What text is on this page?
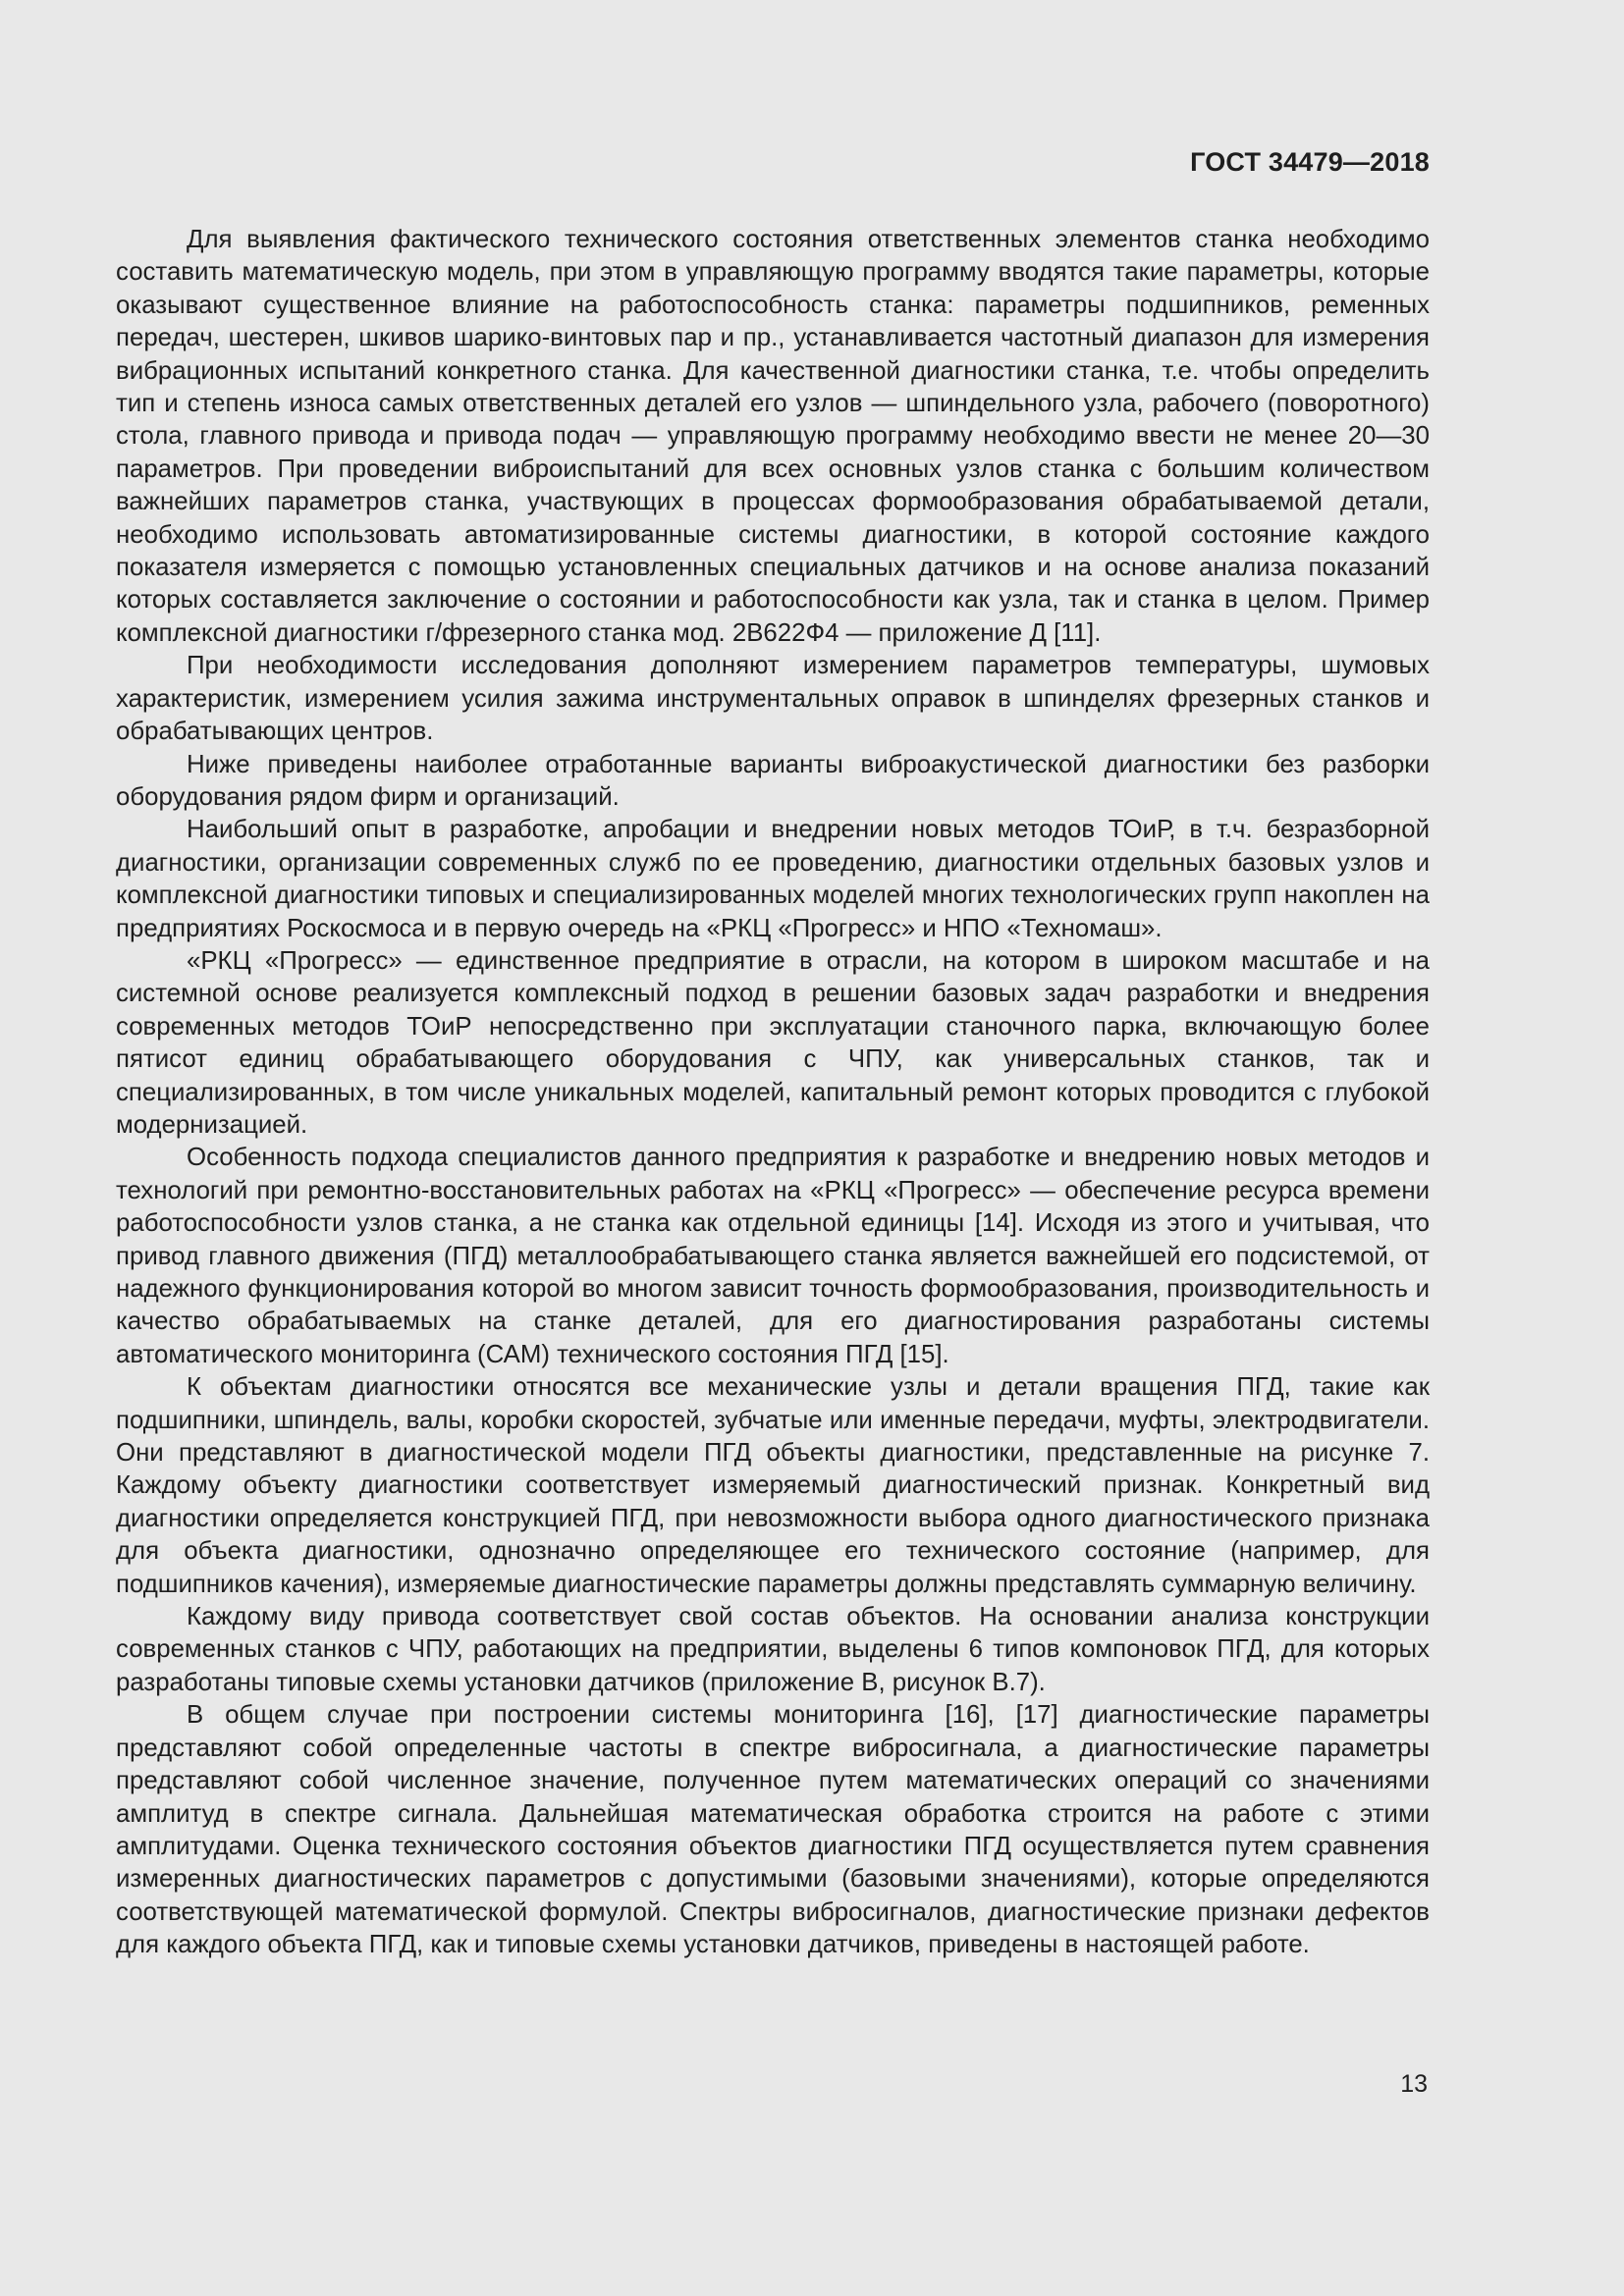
ГОСТ 34479—2018

Для выявления фактического технического состояния ответственных элементов станка необходимо составить математическую модель, при этом в управляющую программу вводятся такие параметры, которые оказывают существенное влияние на работоспособность станка: параметры подшипников, ременных передач, шестерен, шкивов шарико-винтовых пар и пр., устанавливается частотный диапазон для измерения вибрационных испытаний конкретного станка. Для качественной диагностики станка, т.е. чтобы определить тип и степень износа самых ответственных деталей его узлов — шпиндельного узла, рабочего (поворотного) стола, главного привода и привода подач — управляющую программу необходимо ввести не менее 20—30 параметров. При проведении виброиспытаний для всех основных узлов станка с большим количеством важнейших параметров станка, участвующих в процессах формообразования обрабатываемой детали, необходимо использовать автоматизированные системы диагностики, в которой состояние каждого показателя измеряется с помощью установленных специальных датчиков и на основе анализа показаний которых составляется заключение о состоянии и работоспособности как узла, так и станка в целом. Пример комплексной диагностики г/фрезерного станка мод. 2В622Ф4 — приложение Д [11].

При необходимости исследования дополняют измерением параметров температуры, шумовых характеристик, измерением усилия зажима инструментальных оправок в шпинделях фрезерных станков и обрабатывающих центров.

Ниже приведены наиболее отработанные варианты виброакустической диагностики без разборки оборудования рядом фирм и организаций.

Наибольший опыт в разработке, апробации и внедрении новых методов ТОиР, в т.ч. безразборной диагностики, организации современных служб по ее проведению, диагностики отдельных базовых узлов и комплексной диагностики типовых и специализированных моделей многих технологических групп накоплен на предприятиях Роскосмоса и в первую очередь на «РКЦ «Прогресс» и НПО «Техномаш».

«РКЦ «Прогресс» — единственное предприятие в отрасли, на котором в широком масштабе и на системной основе реализуется комплексный подход в решении базовых задач разработки и внедрения современных методов ТОиР непосредственно при эксплуатации станочного парка, включающую более пятисот единиц обрабатывающего оборудования с ЧПУ, как универсальных станков, так и специализированных, в том числе уникальных моделей, капитальный ремонт которых проводится с глубокой модернизацией.

Особенность подхода специалистов данного предприятия к разработке и внедрению новых методов и технологий при ремонтно-восстановительных работах на «РКЦ «Прогресс» — обеспечение ресурса времени работоспособности узлов станка, а не станка как отдельной единицы [14]. Исходя из этого и учитывая, что привод главного движения (ПГД) металлообрабатывающего станка является важнейшей его подсистемой, от надежного функционирования которой во многом зависит точность формообразования, производительность и качество обрабатываемых на станке деталей, для его диагностирования разработаны системы автоматического мониторинга (САМ) технического состояния ПГД [15].

К объектам диагностики относятся все механические узлы и детали вращения ПГД, такие как подшипники, шпиндель, валы, коробки скоростей, зубчатые или именные передачи, муфты, электродвигатели. Они представляют в диагностической модели ПГД объекты диагностики, представленные на рисунке 7. Каждому объекту диагностики соответствует измеряемый диагностический признак. Конкретный вид диагностики определяется конструкцией ПГД, при невозможности выбора одного диагностического признака для объекта диагностики, однозначно определяющее его технического состояние (например, для подшипников качения), измеряемые диагностические параметры должны представлять суммарную величину.

Каждому виду привода соответствует свой состав объектов. На основании анализа конструкции современных станков с ЧПУ, работающих на предприятии, выделены 6 типов компоновок ПГД, для которых разработаны типовые схемы установки датчиков (приложение В, рисунок В.7).

В общем случае при построении системы мониторинга [16], [17] диагностические параметры представляют собой определенные частоты в спектре вибросигнала, а диагностические параметры представляют собой численное значение, полученное путем математических операций со значениями амплитуд в спектре сигнала. Дальнейшая математическая обработка строится на работе с этими амплитудами. Оценка технического состояния объектов диагностики ПГД осуществляется путем сравнения измеренных диагностических параметров с допустимыми (базовыми значениями), которые определяются соответствующей математической формулой. Спектры вибросигналов, диагностические признаки дефектов для каждого объекта ПГД, как и типовые схемы установки датчиков, приведены в настоящей работе.

13
